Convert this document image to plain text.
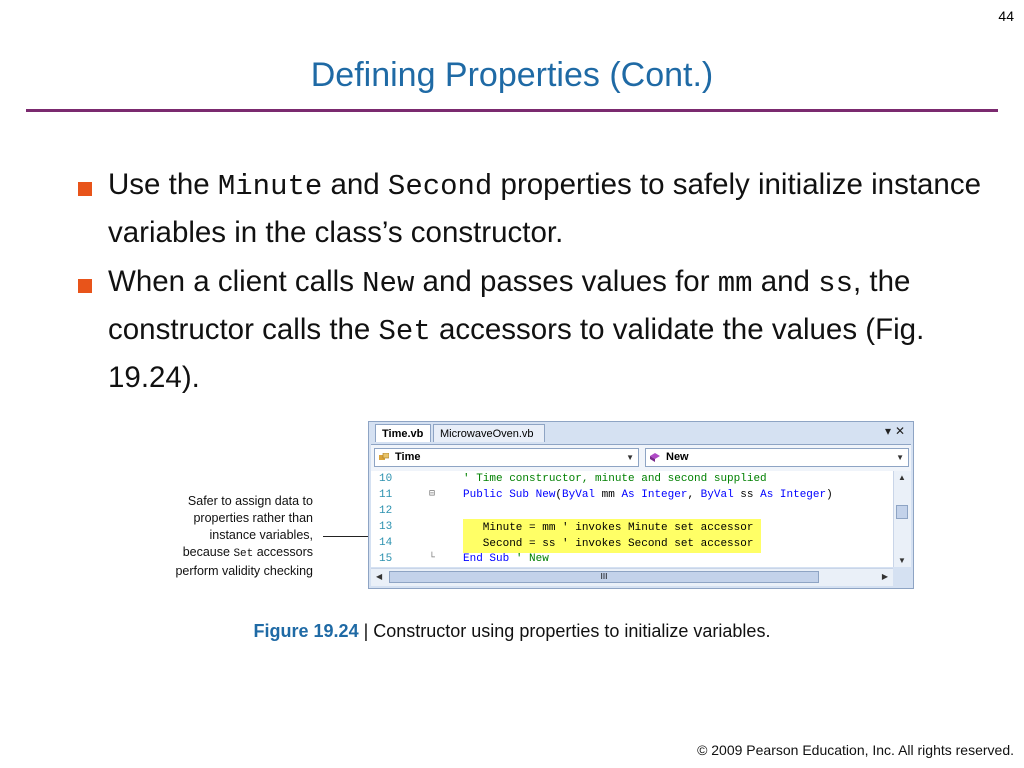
44
Defining Properties (Cont.)
Use the Minute and Second properties to safely initialize instance variables in the class’s constructor.
When a client calls New and passes values for mm and ss, the constructor calls the Set accessors to validate the values (Fig. 19.24).
Safer to assign data to
properties rather than
instance variables,
because Set accessors
perform validity checking
Time.vb	MicrowaveOven.vb	▾ ✕
Time	▼	New	▼
10	' Time constructor, minute and second supplied
11	⊟	Public Sub New(ByVal mm As Integer, ByVal ss As Integer)
12
13	Minute = mm ' invokes Minute set accessor
14	Second = ss ' invokes Second set accessor
15	└	End Sub ' New
▲
▼
◀	III	▶
Figure 19.24 | Constructor using properties to initialize variables.
© 2009 Pearson Education, Inc. All rights reserved.
